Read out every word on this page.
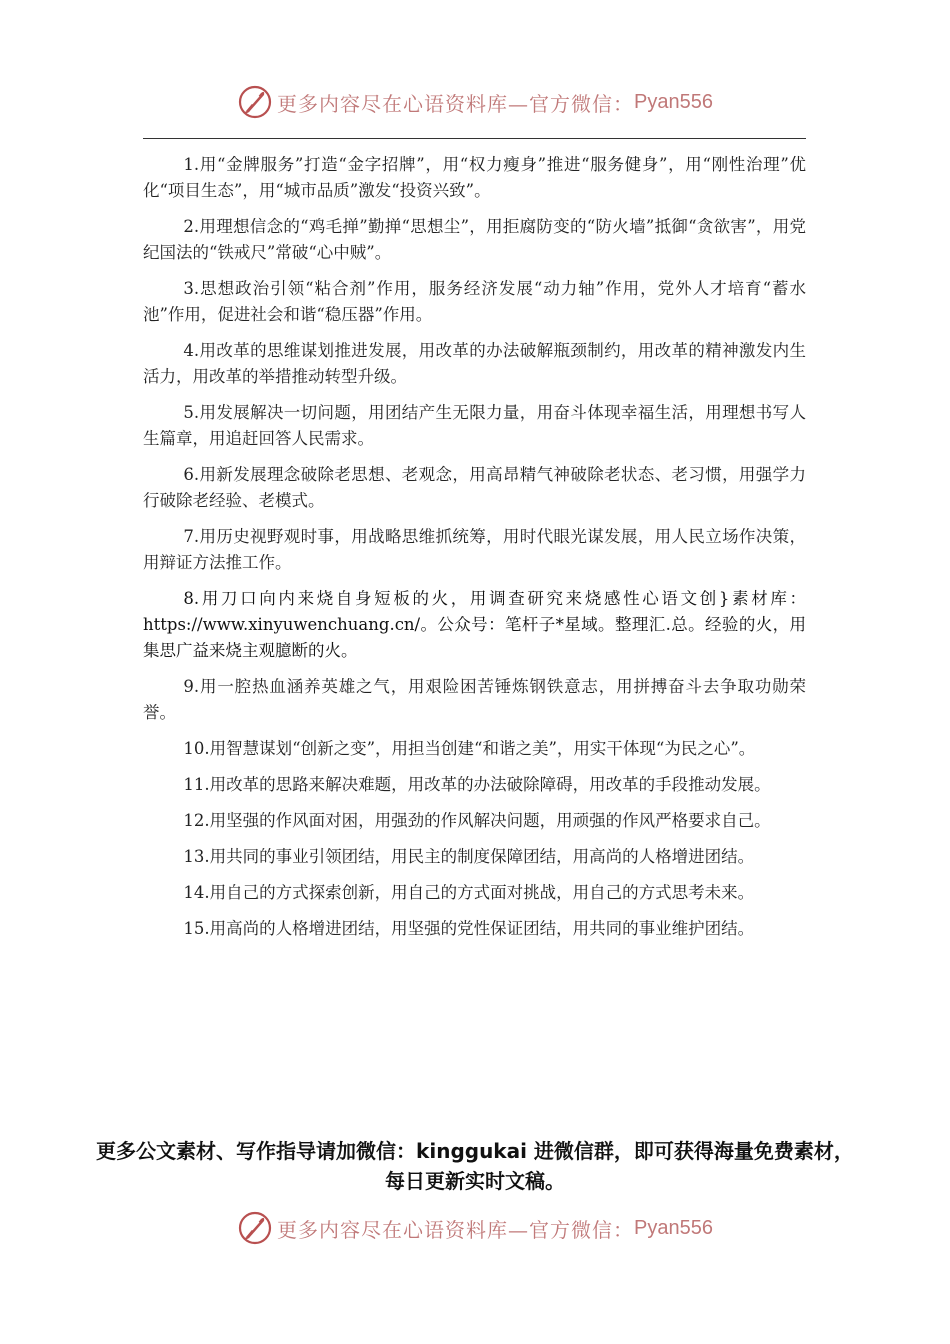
更多内容尽在心语资料库—官方微信： Pyan556

1.用“金牌服务”打造“金字招牌”，用“权力瘦身”推进“服务健身”，用“刚性治理”优化“项目生态”，用“城市品质”激发“投资兴致”。

2.用理想信念的“鸡毛掸”勤掸“思想尘”，用拒腐防变的“防火墙”抵御“贪欲害”，用党纪国法的“铁戒尺”常破“心中贼”。

3.思想政治引领“粘合剂”作用，服务经济发展“动力轴”作用，党外人才培育“蓄水池”作用，促进社会和谐“稳压器”作用。

4.用改革的思维谋划推进发展，用改革的办法破解瓶颈制约，用改革的精神激发内生活力，用改革的举措推动转型升级。

5.用发展解决一切问题，用团结产生无限力量，用奋斗体现幸福生活，用理想书写人生篇章，用追赶回答人民需求。

6.用新发展理念破除老思想、老观念，用高昂精气神破除老状态、老习惯，用强学力行破除老经验、老模式。

7.用历史视野观时事，用战略思维抓统筹，用时代眼光谋发展，用人民立场作决策，用辩证方法推工作。

8.用刀口向内来烧自身短板的火，用调查研究来烧感性心语文创}素材库：https://www.xinyuwenchuang.cn/。公众号：笔杆子*星域。整理汇.总。经验的火，用集思广益来烧主观臆断的火。

9.用一腔热血涵养英雄之气，用艰险困苦锤炼钢铁意志，用拼搏奋斗去争取功勋荣誉。

10.用智慧谋划“创新之变”，用担当创建“和谐之美”，用实干体现“为民之心”。

11.用改革的思路来解决难题，用改革的办法破除障碍，用改革的手段推动发展。

12.用坚强的作风面对困，用强劲的作风解决问题，用顽强的作风严格要求自己。

13.用共同的事业引领团结，用民主的制度保障团结，用高尚的人格增进团结。

14.用自己的方式探索创新，用自己的方式面对挑战，用自己的方式思考未来。

15.用高尚的人格增进团结，用坚强的党性保证团结，用共同的事业维护团结。

更多公文素材、写作指导请加微信：kinggukai 进微信群，即可获得海量免费素材，每日更新实时文稿。
更多内容尽在心语资料库—官方微信： Pyan556
